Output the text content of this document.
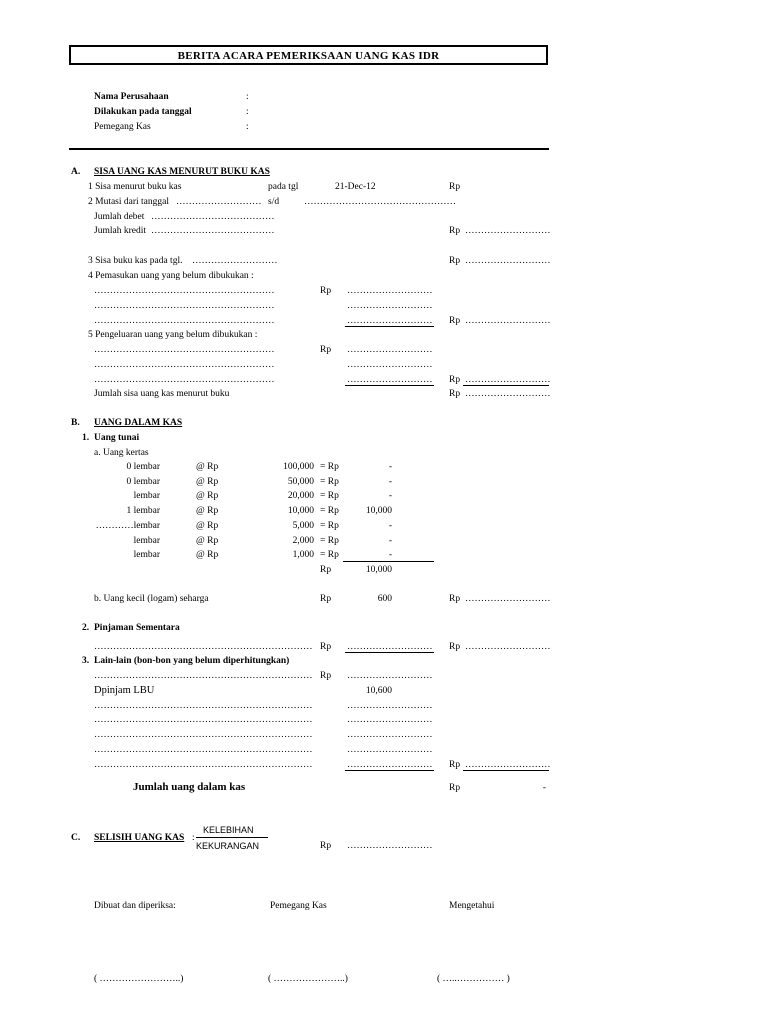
BERITA ACARA PEMERIKSAAN UANG KAS IDR
Nama Perusahaan	:
Dilakukan pada tanggal	:
Pemegang Kas	:
A. SISA UANG KAS MENURUT BUKU KAS
1 Sisa menurut buku kas	pada tgl	21-Dec-12	Rp
2 Mutasi dari tanggal ……………………… s/d	…………………………………………
Jumlah debet …………………………………
Jumlah kredit …………………………………	Rp ………………………
3 Sisa buku kas pada tgl. ………………………	Rp ………………………
4 Pemasukan uang yang belum dibukukan :
…………………………………………………	Rp ………………………
…………………………………………………	………………………
…………………………………………………	……………………… Rp ………………………
5 Pengeluaran uang yang belum dibukukan :
…………………………………………………	Rp ………………………
…………………………………………………	………………………
…………………………………………………	……………………… Rp ………………………
Jumlah sisa uang kas menurut buku	Rp ………………………
B. UANG DALAM KAS
1. Uang tunai
a. Uang kertas
0 lembar	@ Rp	100,000 = Rp	-
0 lembar	@ Rp	50,000 = Rp	-
lembar	@ Rp	20,000 = Rp	-
1 lembar	@ Rp	10,000 = Rp	10,000
…………lembar	@ Rp	5,000 = Rp	-
lembar	@ Rp	2,000 = Rp	-
lembar	@ Rp	1,000 = Rp	-
Rp	10,000
b. Uang kecil (logam) seharga	Rp	600	Rp ………………………
2. Pinjaman Sementara
…………………………………………………………… Rp ……………………… Rp ………………………
3. Lain-lain (bon-bon yang belum diperhitungkan)
…………………………………………………………… Rp ………………………
Dpinjam LBU	10,600
……………………………………………………………	………………………
……………………………………………………………	………………………
……………………………………………………………	………………………
……………………………………………………………	………………………
……………………………………………………………	……………………… Rp ………………………
Jumlah uang dalam kas	Rp	-
C. SELISIH UANG KAS :
KELEBIHAN
KEKURANGAN	Rp ………………………
Dibuat dan diperiksa:	Pemegang Kas	Mengetahui
( ……………………..)	( …………………..)	( …..…………… )
